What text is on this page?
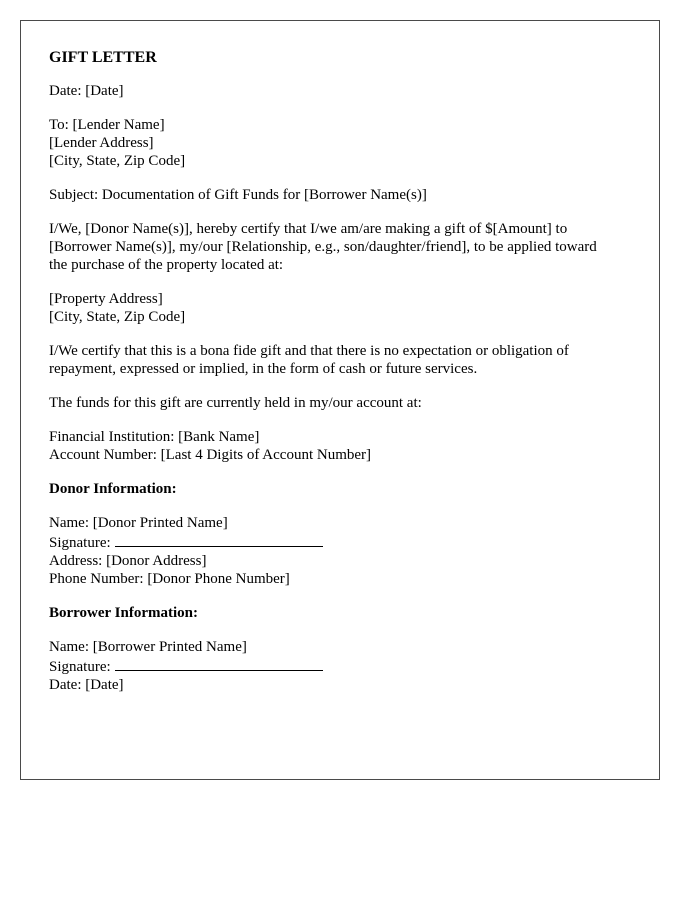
GIFT LETTER
Date: [Date]
To: [Lender Name]
[Lender Address]
[City, State, Zip Code]
Subject: Documentation of Gift Funds for [Borrower Name(s)]
I/We, [Donor Name(s)], hereby certify that I/we am/are making a gift of $[Amount] to [Borrower Name(s)], my/our [Relationship, e.g., son/daughter/friend], to be applied toward the purchase of the property located at:
[Property Address]
[City, State, Zip Code]
I/We certify that this is a bona fide gift and that there is no expectation or obligation of repayment, expressed or implied, in the form of cash or future services.
The funds for this gift are currently held in my/our account at:
Financial Institution: [Bank Name]
Account Number: [Last 4 Digits of Account Number]
Donor Information:
Name: [Donor Printed Name]
Signature:
Address: [Donor Address]
Phone Number: [Donor Phone Number]
Borrower Information:
Name: [Borrower Printed Name]
Signature:
Date: [Date]
